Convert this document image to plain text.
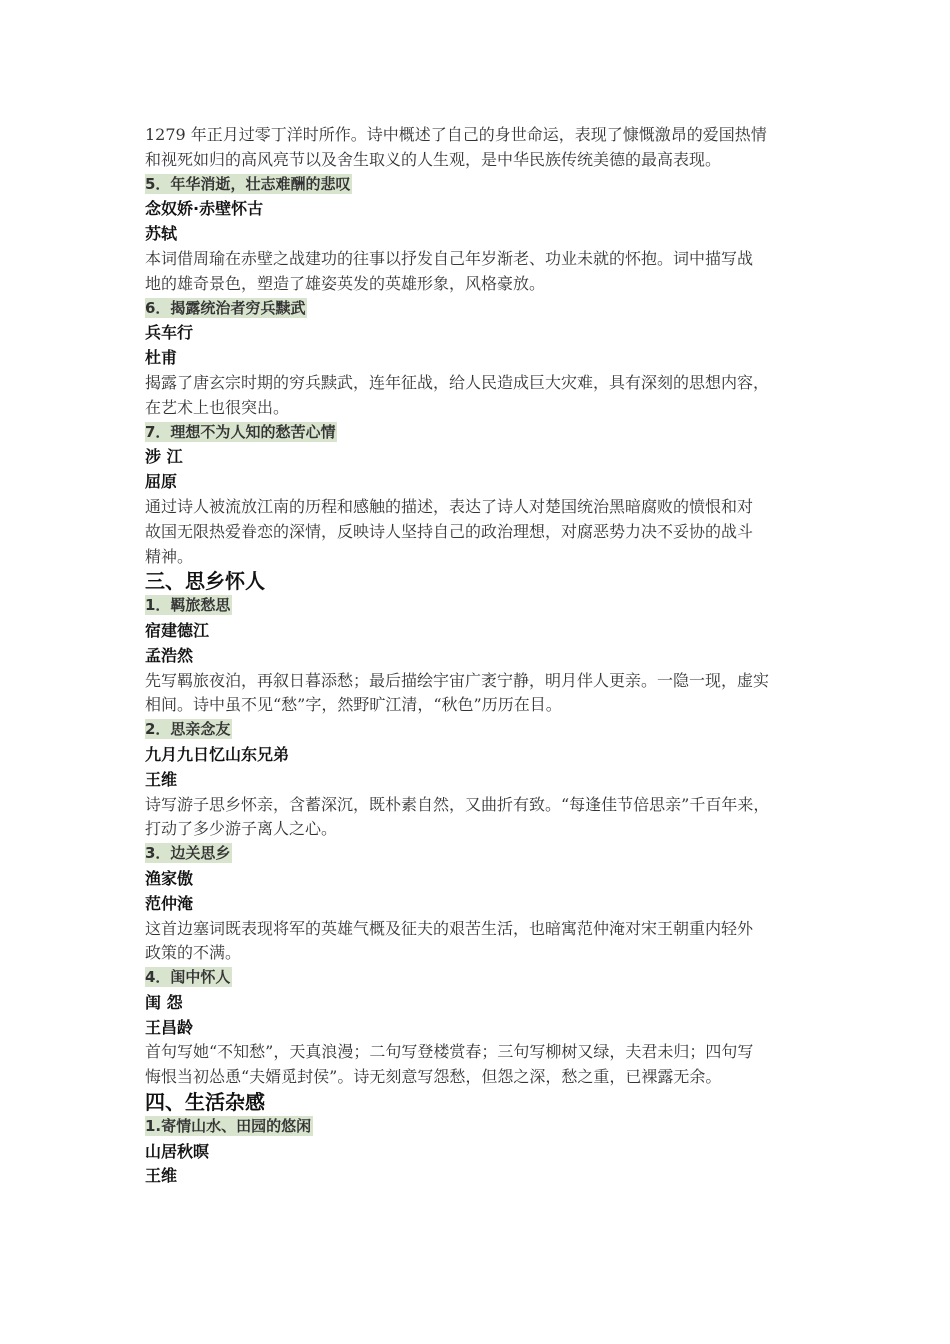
1279 年正月过零丁洋时所作。诗中概述了自己的身世命运，表现了慷慨激昂的爱国热情
和视死如归的高风亮节以及舍生取义的人生观，是中华民族传统美德的最高表现。
5．年华消逝，壮志难酬的悲叹
念奴娇·赤壁怀古
苏轼
本词借周瑜在赤壁之战建功的往事以抒发自己年岁渐老、功业未就的怀抱。词中描写战
地的雄奇景色，塑造了雄姿英发的英雄形象，风格豪放。
6．揭露统治者穷兵黩武
兵车行
杜甫
揭露了唐玄宗时期的穷兵黩武，连年征战，给人民造成巨大灾难，具有深刻的思想内容，
在艺术上也很突出。
7．理想不为人知的愁苦心情
涉 江
屈原
通过诗人被流放江南的历程和感触的描述，表达了诗人对楚国统治黑暗腐败的愤恨和对
故国无限热爱眷恋的深情，反映诗人坚持自己的政治理想，对腐恶势力决不妥协的战斗
精神。
三、思乡怀人
1．羁旅愁思
宿建德江
孟浩然
先写羁旅夜泊，再叙日暮添愁；最后描绘宇宙广袤宁静，明月伴人更亲。一隐一现，虚实
相间。诗中虽不见“愁”字，然野旷江清，“秋色”历历在目。
2．思亲念友
九月九日忆山东兄弟
王维
诗写游子思乡怀亲，含蓄深沉，既朴素自然，又曲折有致。“每逢佳节倍思亲”千百年来，
打动了多少游子离人之心。
3．边关思乡
渔家傲
范仲淹
这首边塞词既表现将军的英雄气概及征夫的艰苦生活，也暗寓范仲淹对宋王朝重内轻外
政策的不满。
4．闺中怀人
闺 怨
王昌龄
首句写她“不知愁”，天真浪漫；二句写登楼赏春；三句写柳树又绿，夫君未归；四句写
悔恨当初怂恿“夫婿觅封侯”。诗无刻意写怨愁，但怨之深，愁之重，已裸露无余。
四、生活杂感
1.寄情山水、田园的悠闲
山居秋暝
王维
